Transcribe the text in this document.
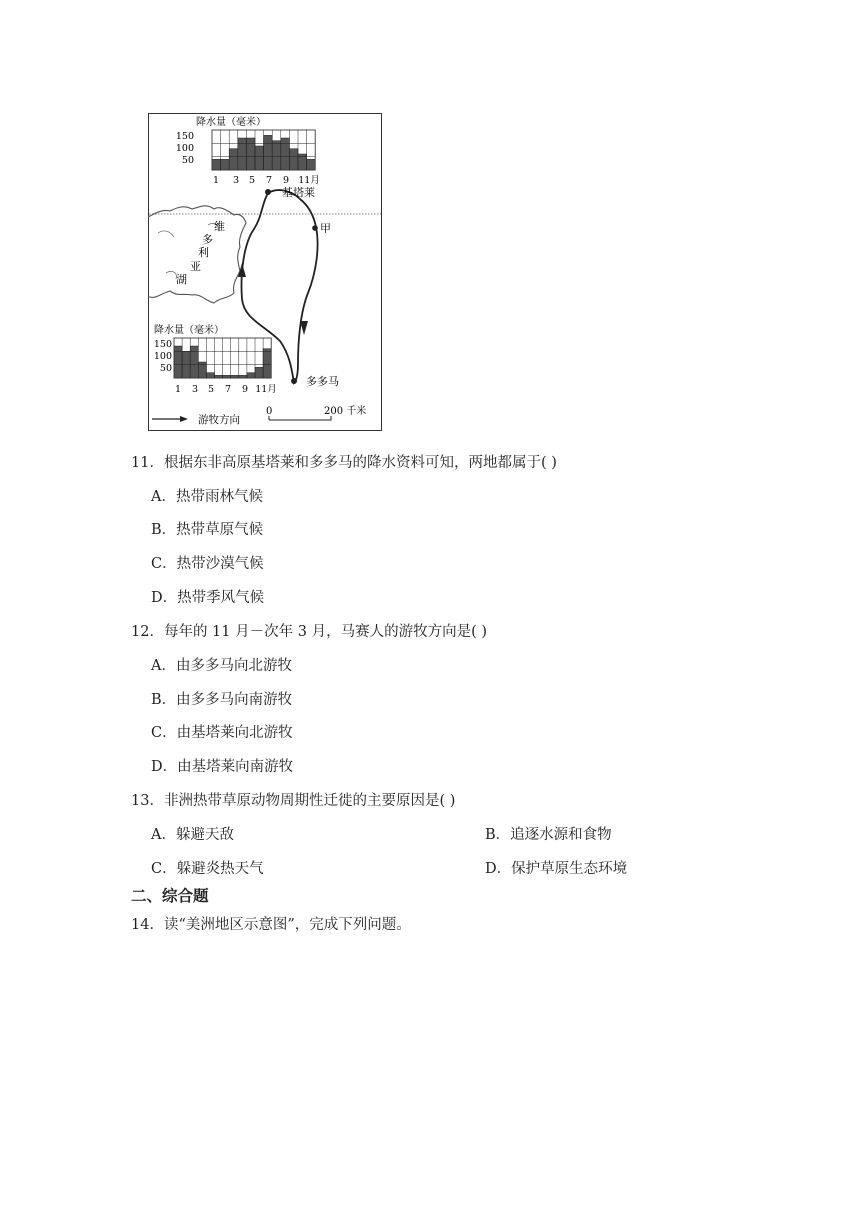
降水量（毫米）
150
100
50
1 3 5 7 9 11月
维
多
利
亚
湖
基塔莱
甲
多多马
降水量（毫米）
150
100
50
1 3 5 7 9 11月
游牧方向
0	200 千米
11．根据东非高原基塔莱和多多马的降水资料可知，两地都属于( )
A．热带雨林气候
B．热带草原气候
C．热带沙漠气候
D．热带季风气候
12．每年的 11 月－次年 3 月，马赛人的游牧方向是( )
A．由多多马向北游牧
B．由多多马向南游牧
C．由基塔莱向北游牧
D．由基塔莱向南游牧
13．非洲热带草原动物周期性迁徙的主要原因是( )
A．躲避天敌	B．追逐水源和食物
C．躲避炎热天气	D．保护草原生态环境
二、综合题
14．读“美洲地区示意图”，完成下列问题。
